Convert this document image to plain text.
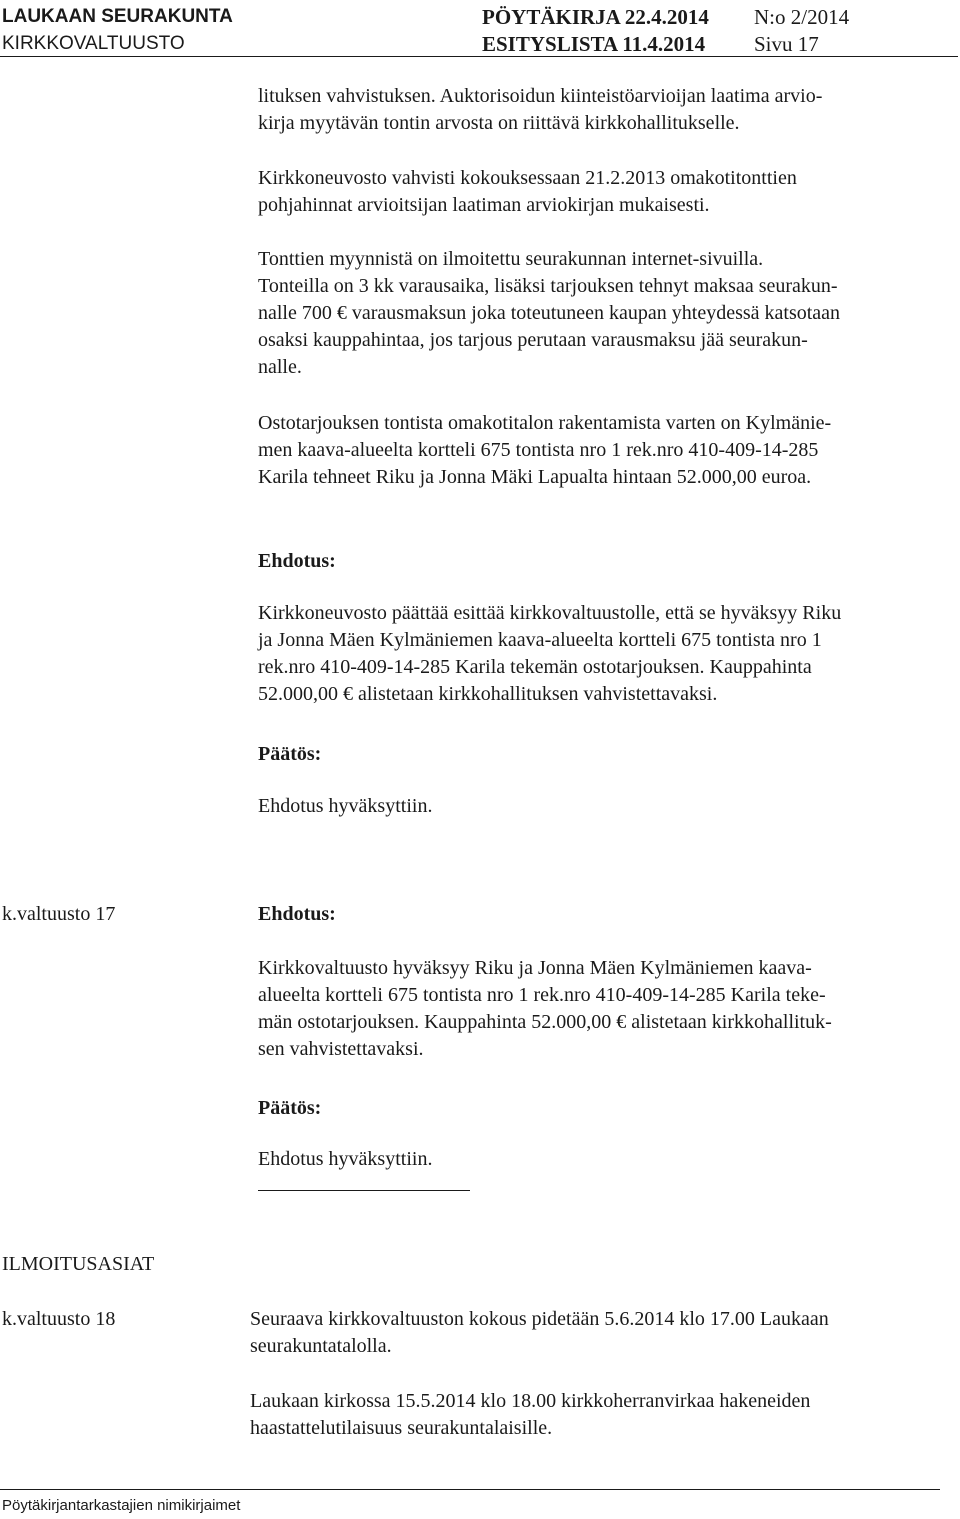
LAUKAAN SEURAKUNTA
KIRKKOVALTUUSTO
PÖYTÄKIRJA 22.4.2014
ESITYSLISTA 11.4.2014
N:o 2/2014
Sivu 17
lituksen vahvistuksen. Auktorisoidun kiinteistöarvioijan laatima arvio-
kirja myytävän tontin arvosta on riittävä kirkkohallitukselle.
Kirkkoneuvosto vahvisti kokouksessaan 21.2.2013 omakotitonttien
pohjahinnat arvioitsijan laatiman arviokirjan mukaisesti.
Tonttien myynnistä on ilmoitettu seurakunnan internet-sivuilla.
Tonteilla on 3 kk varausaika, lisäksi tarjouksen tehnyt maksaa seurakun-
nalle 700 € varausmaksun joka toteutuneen kaupan yhteydessä katsotaan
osaksi kauppahintaa, jos tarjous perutaan varausmaksu jää seurakun-
nalle.
Ostotarjouksen tontista omakotitalon rakentamista varten on Kylmänie-
men kaava-alueelta kortteli 675 tontista nro 1 rek.nro 410-409-14-285
Karila tehneet Riku ja Jonna Mäki Lapualta hintaan 52.000,00 euroa.
Ehdotus:
Kirkkoneuvosto päättää esittää kirkkovaltuustolle, että se hyväksyy Riku
ja Jonna Mäen Kylmäniemen kaava-alueelta kortteli 675 tontista nro 1
rek.nro 410-409-14-285 Karila tekemän ostotarjouksen. Kauppahinta
52.000,00 € alistetaan kirkkohallituksen vahvistettavaksi.
Päätös:
Ehdotus hyväksyttiin.
k.valtuusto 17	Ehdotus:
Kirkkovaltuusto hyväksyy Riku ja Jonna Mäen Kylmäniemen kaava-
alueelta kortteli 675 tontista nro 1 rek.nro 410-409-14-285 Karila teke-
män ostotarjouksen. Kauppahinta 52.000,00 € alistetaan kirkkohallituk-
sen vahvistettavaksi.
Päätös:
Ehdotus hyväksyttiin.
ILMOITUSASIAT
k.valtuusto 18	Seuraava kirkkovaltuuston kokous pidetään 5.6.2014 klo 17.00 Laukaan
seurakuntatalolla.
Laukaan kirkossa 15.5.2014 klo 18.00 kirkkoherranvirkaa hakeneiden
haastattelutilaisuus seurakuntalaisille.
Pöytäkirjantarkastajien nimikirjaimet
